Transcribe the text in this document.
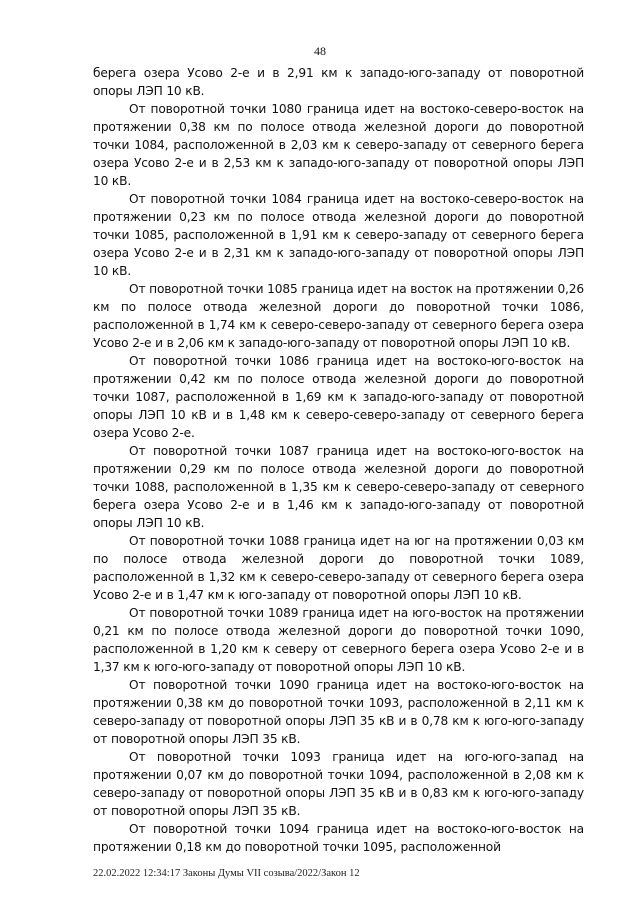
48

берега озера Усово 2-е и в 2,91 км к западо-юго-западу от поворотной опоры ЛЭП 10 кВ.

От поворотной точки 1080 граница идет на востоко-северо-восток на протяжении 0,38 км по полосе отвода железной дороги до поворотной точки 1084, расположенной в 2,03 км к северо-западу от северного берега озера Усово 2-е и в 2,53 км к западо-юго-западу от поворотной опоры ЛЭП 10 кВ.

От поворотной точки 1084 граница идет на востоко-северо-восток на протяжении 0,23 км по полосе отвода железной дороги до поворотной точки 1085, расположенной в 1,91 км к северо-западу от северного берега озера Усово 2-е и в 2,31 км к западо-юго-западу от поворотной опоры ЛЭП 10 кВ.

От поворотной точки 1085 граница идет на восток на протяжении 0,26 км по полосе отвода железной дороги до поворотной точки 1086, расположенной в 1,74 км к северо-северо-западу от северного берега озера Усово 2-е и в 2,06 км к западо-юго-западу от поворотной опоры ЛЭП 10 кВ.

От поворотной точки 1086 граница идет на востоко-юго-восток на протяжении 0,42 км по полосе отвода железной дороги до поворотной точки 1087, расположенной в 1,69 км к западо-юго-западу от поворотной опоры ЛЭП 10 кВ и в 1,48 км к северо-северо-западу от северного берега озера Усово 2-е.

От поворотной точки 1087 граница идет на востоко-юго-восток на протяжении 0,29 км по полосе отвода железной дороги до поворотной точки 1088, расположенной в 1,35 км к северо-северо-западу от северного берега озера Усово 2-е и в 1,46 км к западо-юго-западу от поворотной опоры ЛЭП 10 кВ.

От поворотной точки 1088 граница идет на юг на протяжении 0,03 км по полосе отвода железной дороги до поворотной точки 1089, расположенной в 1,32 км к северо-северо-западу от северного берега озера Усово 2-е и в 1,47 км к юго-западу от поворотной опоры ЛЭП 10 кВ.

От поворотной точки 1089 граница идет на юго-восток на протяжении 0,21 км по полосе отвода железной дороги до поворотной точки 1090, расположенной в 1,20 км к северу от северного берега озера Усово 2-е и в 1,37 км к юго-юго-западу от поворотной опоры ЛЭП 10 кВ.

От поворотной точки 1090 граница идет на востоко-юго-восток на протяжении 0,38 км до поворотной точки 1093, расположенной в 2,11 км к северо-западу от поворотной опоры ЛЭП 35 кВ и в 0,78 км к юго-юго-западу от поворотной опоры ЛЭП 35 кВ.

От поворотной точки 1093 граница идет на юго-юго-запад на протяжении 0,07 км до поворотной точки 1094, расположенной в 2,08 км к северо-западу от поворотной опоры ЛЭП 35 кВ и в 0,83 км к юго-юго-западу от поворотной опоры ЛЭП 35 кВ.

От поворотной точки 1094 граница идет на востоко-юго-восток на протяжении 0,18 км до поворотной точки 1095, расположенной

22.02.2022 12:34:17 Законы Думы VII созыва/2022/Закон 12
